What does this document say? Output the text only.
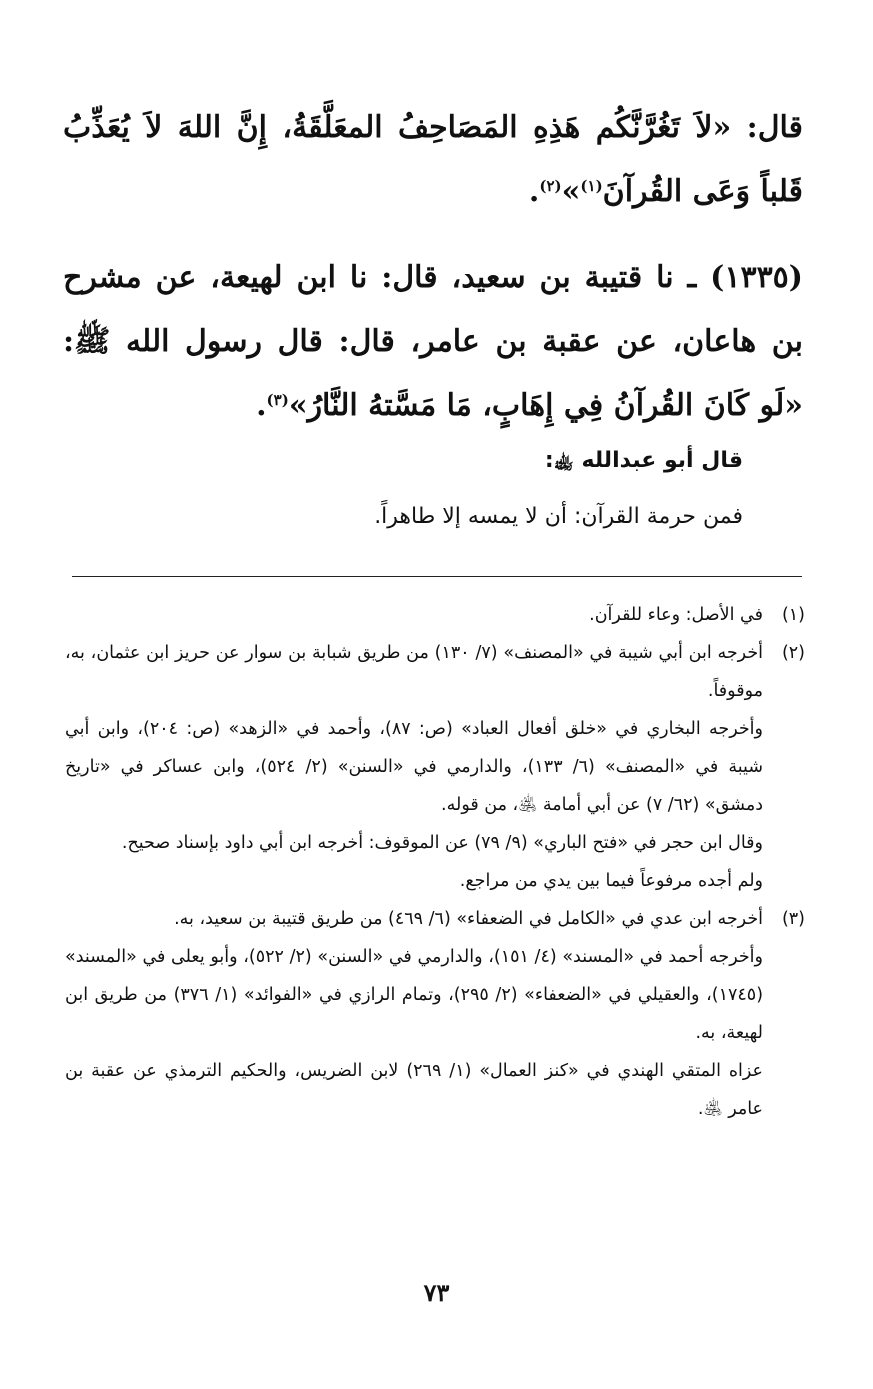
قال: «لاَ تَغُرَّنَّكُم هَذِهِ المَصَاحِفُ المعَلَّقَةُ، إِنَّ اللهَ لاَ يُعَذِّبُ قَلباً وَعَى القُرآنَ$^{(١)}$»$^{(٢)}$.
(١٣٣٥) ـ نا قتيبة بن سعيد، قال: نا ابن لهيعة، عن مشرح بن هاعان، عن عقبة بن عامر، قال: قال رسول الله ﷺ: «لَو كَانَ القُرآنُ فِي إِهَابٍ، مَا مَسَّتهُ النَّارُ»$^{(٣)}$.
قال أبو عبدالله ﵀:
فمن حرمة القرآن: أن لا يمسه إلا طاهراً.
(١)

في الأصل: وعاء للقرآن.

(٢)

أخرجه ابن أبي شيبة في «المصنف» (٧/ ١٣٠) من طريق شبابة بن سوار عن حريز ابن عثمان، به، موقوفاً.

وأخرجه البخاري في «خلق أفعال العباد» (ص: ٨٧)، وأحمد في «الزهد» (ص: ٢٠٤)، وابن أبي شيبة في «المصنف» (٦/ ١٣٣)، والدارمي في «السنن» (٢/ ٥٢٤)، وابن عساكر في «تاريخ دمشق» (٦٢/ ٧) عن أبي أمامة ﵁، من قوله.

وقال ابن حجر في «فتح الباري» (٩/ ٧٩) عن الموقوف: أخرجه ابن أبي داود بإسناد صحيح.

ولم أجده مرفوعاً فيما بين يدي من مراجع.

(٣)

أخرجه ابن عدي في «الكامل في الضعفاء» (٦/ ٤٦٩) من طريق قتيبة بن سعيد، به.

وأخرجه أحمد في «المسند» (٤/ ١٥١)، والدارمي في «السنن» (٢/ ٥٢٢)، وأبو يعلى في «المسند» (١٧٤٥)، والعقيلي في «الضعفاء» (٢/ ٢٩٥)، وتمام الرازي في «الفوائد» (١/ ٣٧٦) من طريق ابن لهيعة، به.

عزاه المتقي الهندي في «كنز العمال» (١/ ٢٦٩) لابن الضريس، والحكيم الترمذي عن عقبة بن عامر ﵁.

٧٣
